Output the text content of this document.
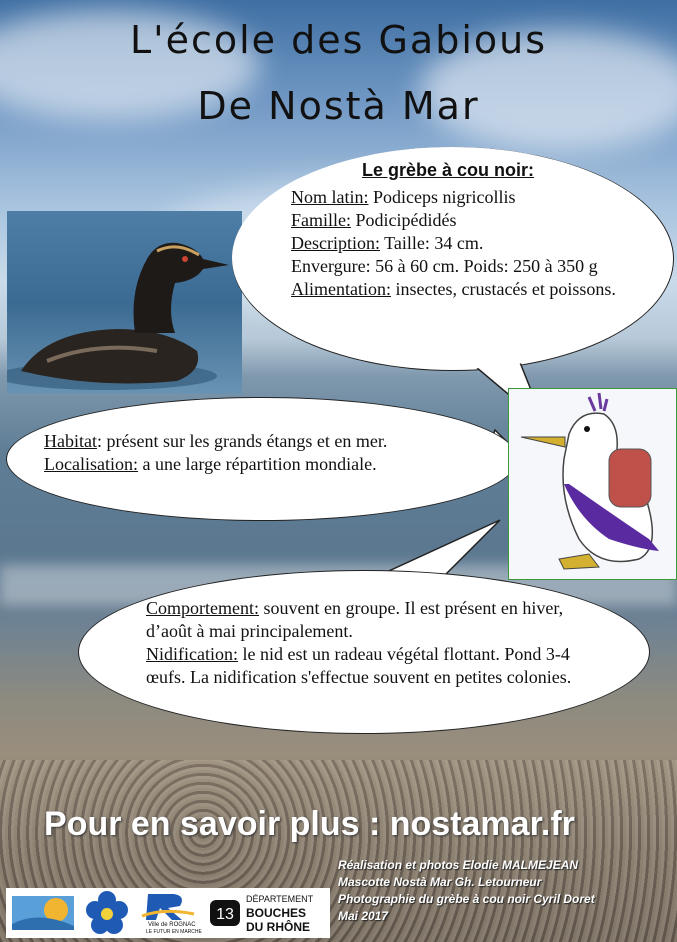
L'école des Gabious
De Nostà Mar
Le grèbe à cou noir:
Nom latin: Podiceps nigricollis
Famille: Podicipédidés
Description: Taille: 34 cm.
Envergure: 56 à 60 cm. Poids: 250 à 350 g
Alimentation: insectes, crustacés et poissons.
Habitat: présent sur les grands étangs et en mer.
Localisation: a une large répartition mondiale.
Comportement: souvent en groupe. Il est présent en hiver, d’août à mai principalement.
Nidification: le nid est un radeau végétal flottant. Pond 3-4 œufs. La nidification s'effectue souvent en petites colonies.
Pour en savoir plus : nostamar.fr
Réalisation et photos Elodie MALMEJEAN
Mascotte Nostà Mar Gh. Letourneur
Photographie du grèbe à cou noir Cyril Doret
Mai 2017
Ville de ROGNAC
LE FUTUR EN MARCHE
13
DÉPARTEMENT
BOUCHES
DU RHÔNE
